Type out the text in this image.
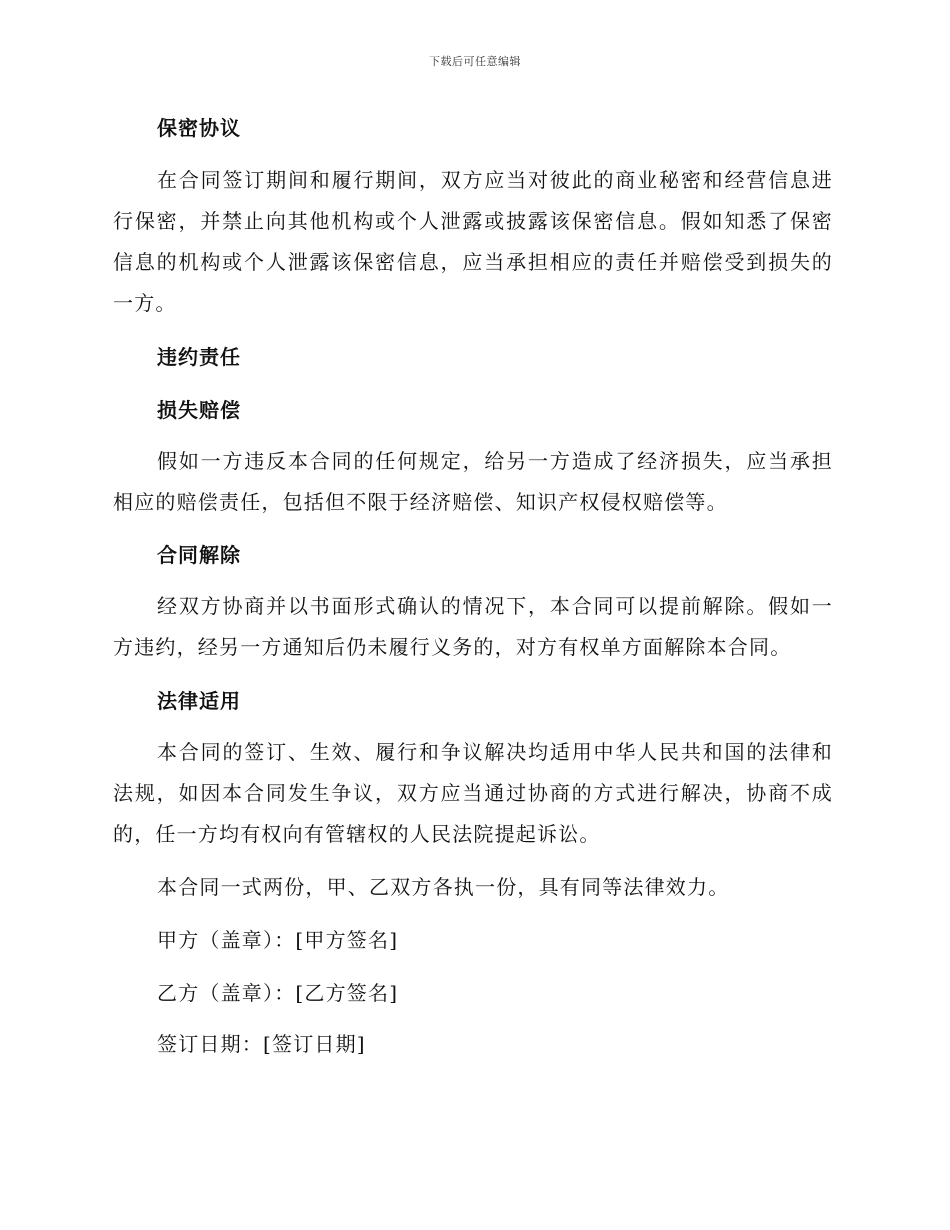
下载后可任意编辑
保密协议

在合同签订期间和履行期间，双方应当对彼此的商业秘密和经营信息进行保密，并禁止向其他机构或个人泄露或披露该保密信息。假如知悉了保密信息的机构或个人泄露该保密信息，应当承担相应的责任并赔偿受到损失的一方。

违约责任
损失赔偿

假如一方违反本合同的任何规定，给另一方造成了经济损失，应当承担相应的赔偿责任，包括但不限于经济赔偿、知识产权侵权赔偿等。

合同解除

经双方协商并以书面形式确认的情况下，本合同可以提前解除。假如一方违约，经另一方通知后仍未履行义务的，对方有权单方面解除本合同。

法律适用

本合同的签订、生效、履行和争议解决均适用中华人民共和国的法律和法规，如因本合同发生争议，双方应当通过协商的方式进行解决，协商不成的，任一方均有权向有管辖权的人民法院提起诉讼。

本合同一式两份，甲、乙双方各执一份，具有同等法律效力。

甲方（盖章）：[甲方签名]

乙方（盖章）：[乙方签名]

签订日期：[签订日期]
